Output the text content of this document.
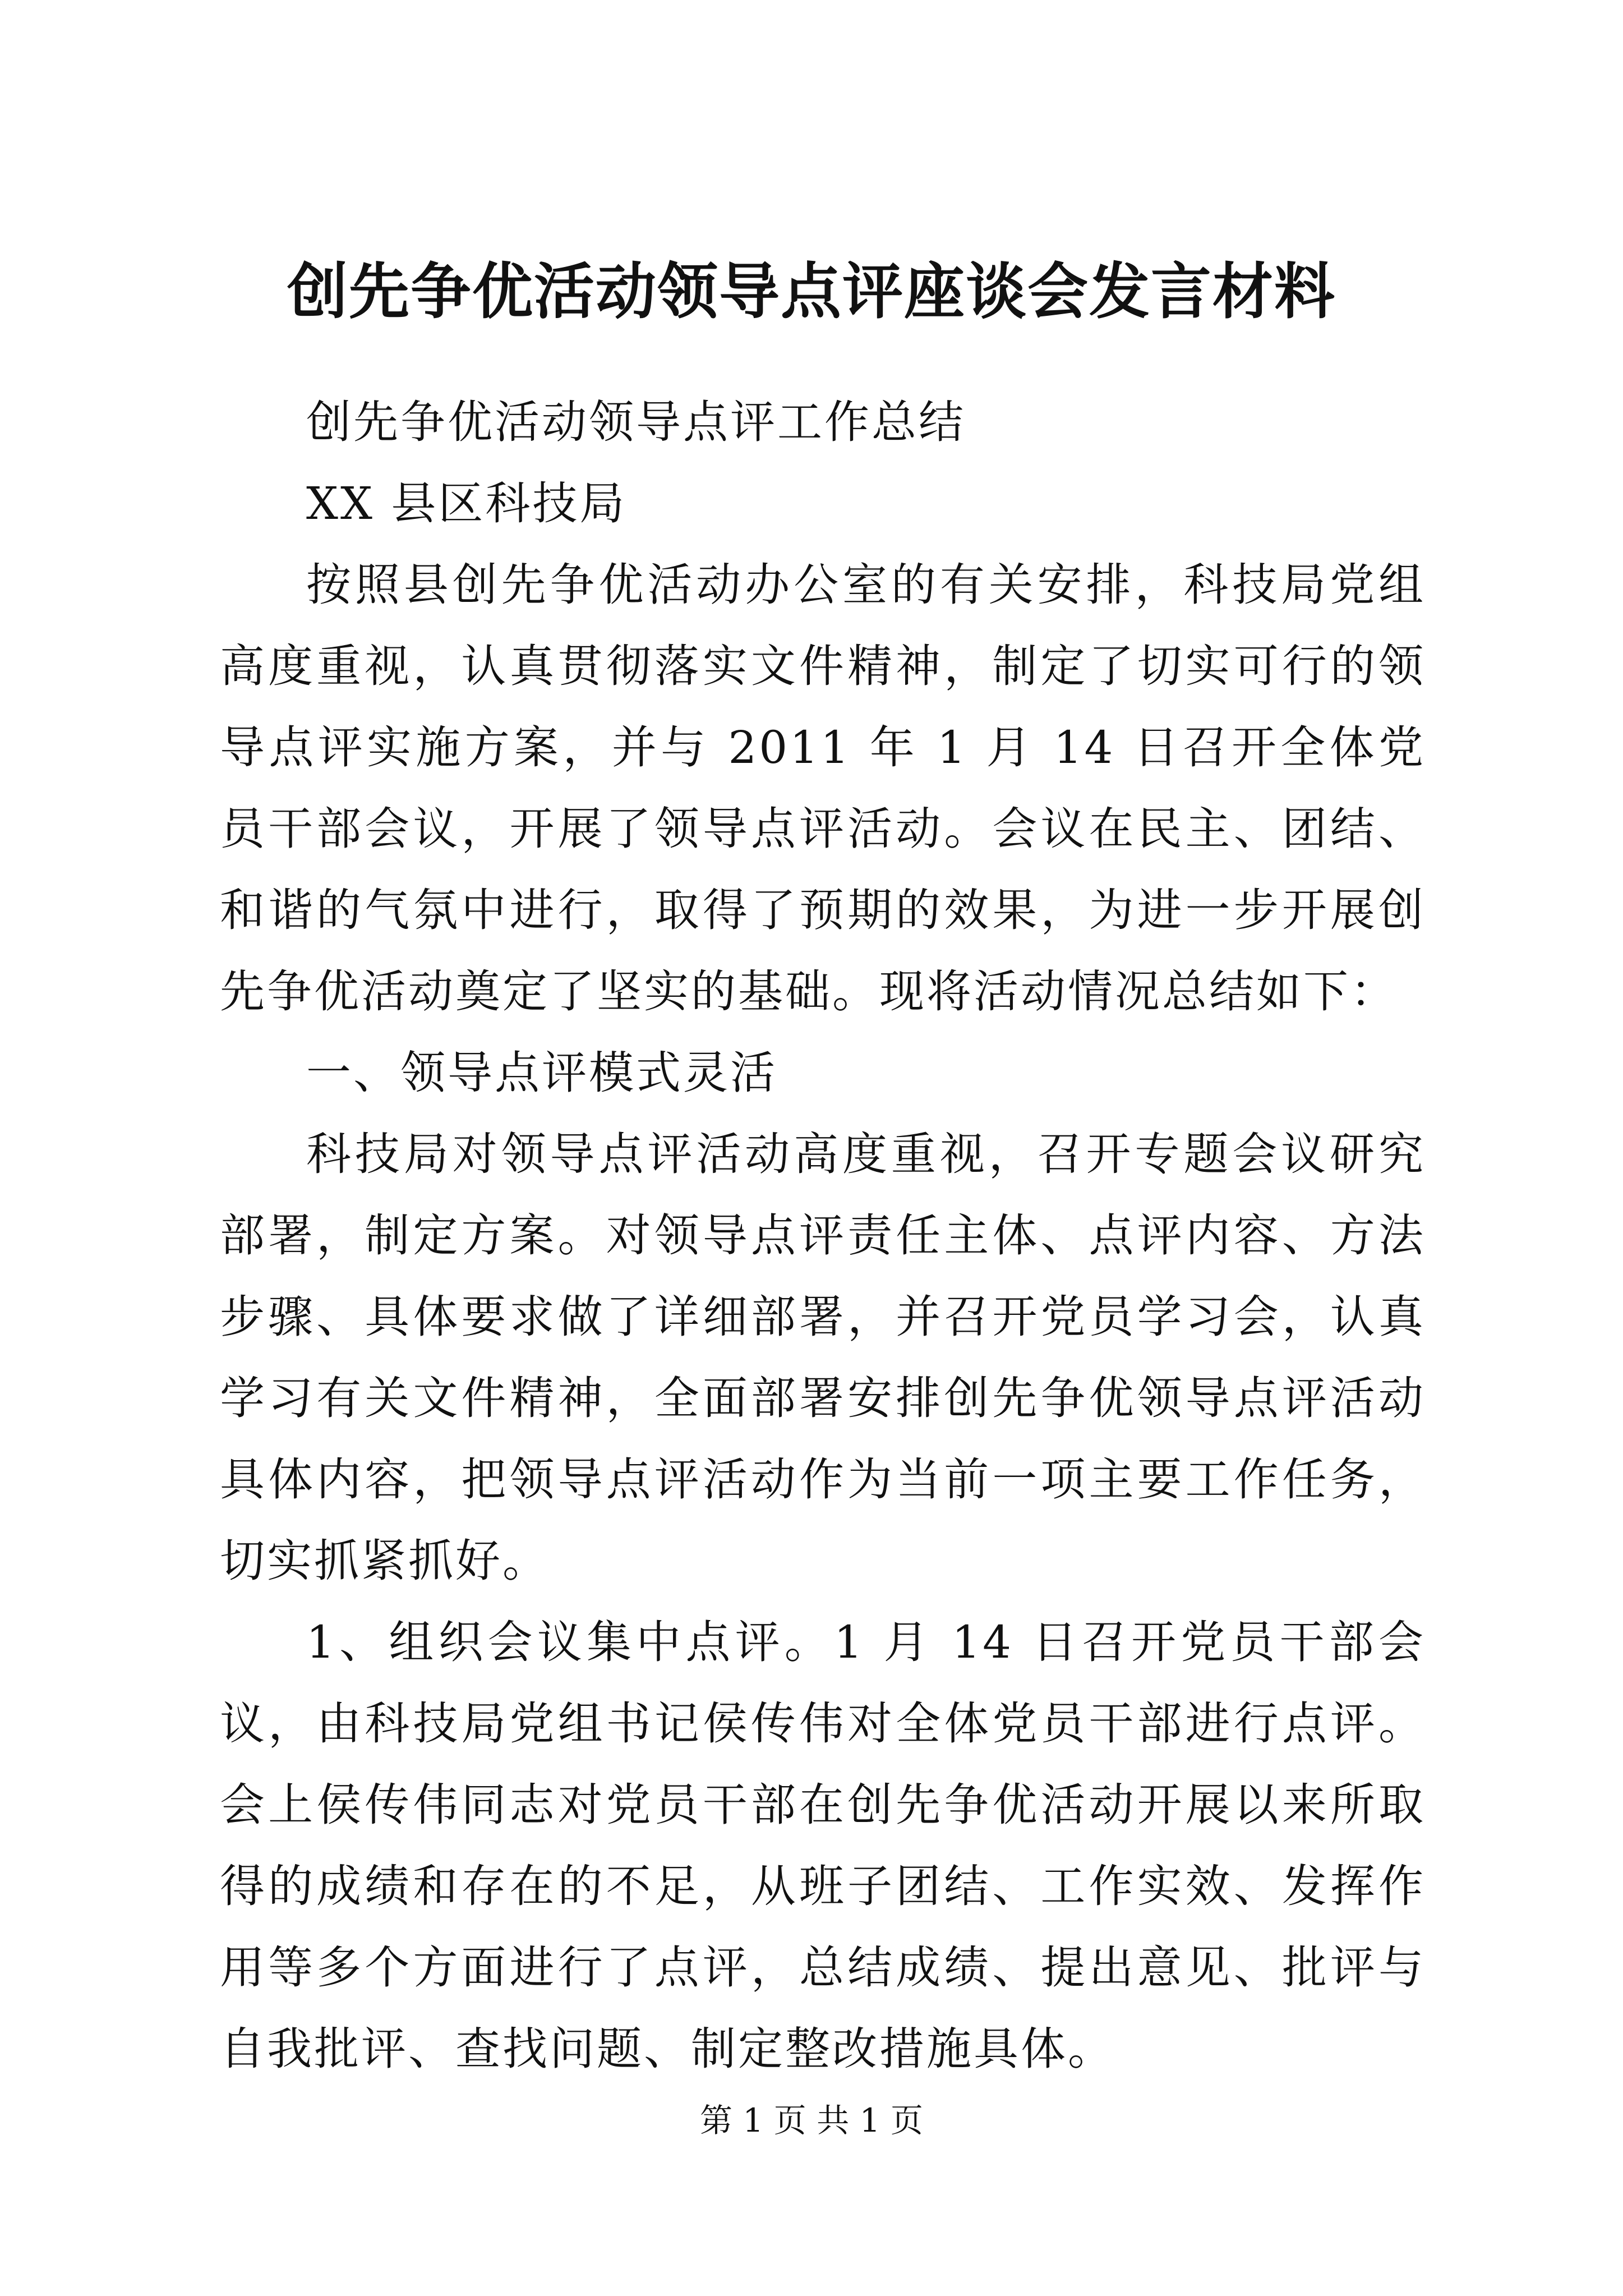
创先争优活动领导点评座谈会发言材料

创先争优活动领导点评工作总结

XX 县区科技局

按照县创先争优活动办公室的有关安排，科技局党组高度重视，认真贯彻落实文件精神，制定了切实可行的领导点评实施方案，并与 2011 年 1 月 14 日召开全体党员干部会议，开展了领导点评活动。会议在民主、团结、和谐的气氛中进行，取得了预期的效果，为进一步开展创先争优活动奠定了坚实的基础。现将活动情况总结如下：

一、领导点评模式灵活

科技局对领导点评活动高度重视，召开专题会议研究部署，制定方案。对领导点评责任主体、点评内容、方法步骤、具体要求做了详细部署，并召开党员学习会，认真学习有关文件精神，全面部署安排创先争优领导点评活动具体内容，把领导点评活动作为当前一项主要工作任务，切实抓紧抓好。

1、组织会议集中点评。1 月 14 日召开党员干部会议，由科技局党组书记侯传伟对全体党员干部进行点评。会上侯传伟同志对党员干部在创先争优活动开展以来所取得的成绩和存在的不足，从班子团结、工作实效、发挥作用等多个方面进行了点评，总结成绩、提出意见、批评与自我批评、查找问题、制定整改措施具体。

第 1 页 共 1 页
